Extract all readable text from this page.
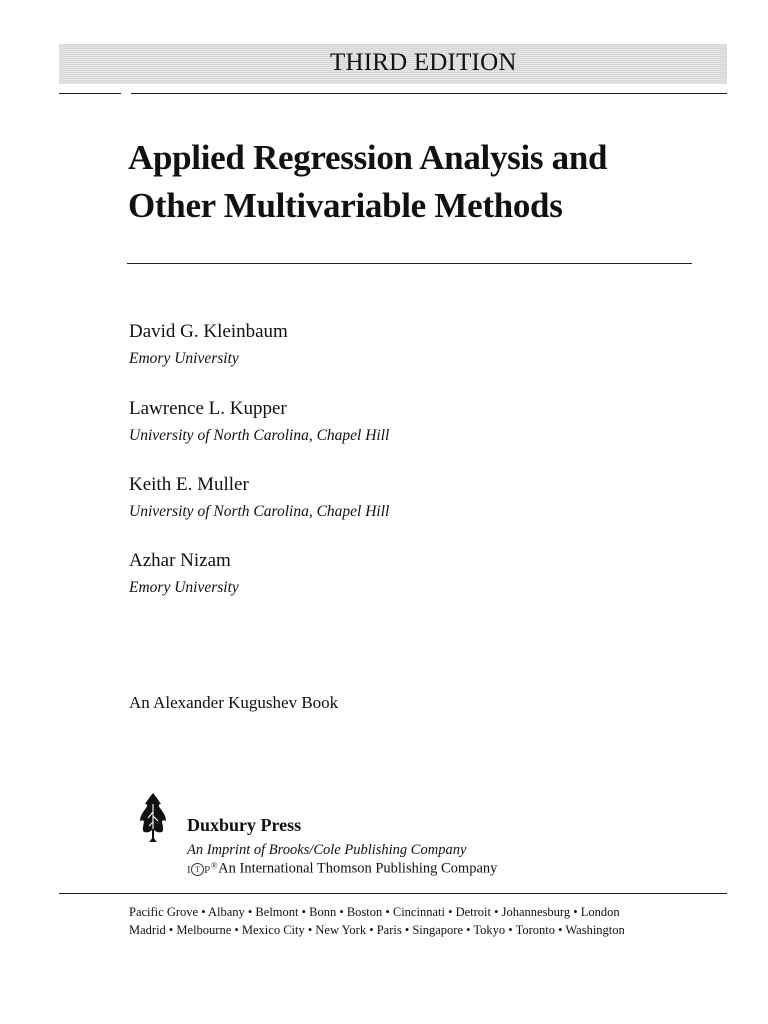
THIRD EDITION
Applied Regression Analysis and
Other Multivariable Methods
David G. Kleinbaum
Emory University
Lawrence L. Kupper
University of North Carolina, Chapel Hill
Keith E. Muller
University of North Carolina, Chapel Hill
Azhar Nizam
Emory University
An Alexander Kugushev Book
Duxbury Press
An Imprint of Brooks/Cole Publishing Company
I T P®An International Thomson Publishing Company
Pacific Grove • Albany • Belmont • Bonn • Boston • Cincinnati • Detroit • Johannesburg • London
Madrid • Melbourne • Mexico City • New York • Paris • Singapore • Tokyo • Toronto • Washington
